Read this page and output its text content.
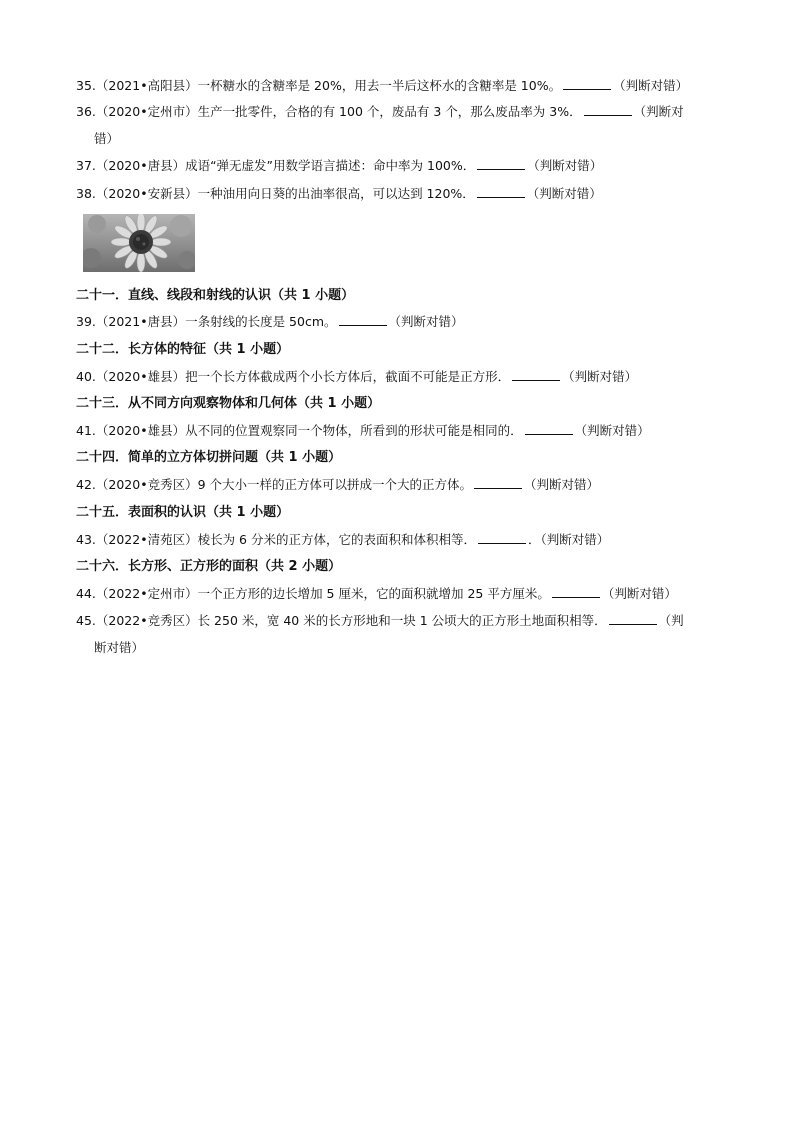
35.（2021•高阳县）一杯糖水的含糖率是 20%，用去一半后这杯水的含糖率是 10%。	（判断对错）
36.（2020•定州市）生产一批零件，合格的有 100 个，废品有 3 个，那么废品率为 3%．	（判断对
错）
37.（2020•唐县）成语“弹无虚发”用数学语言描述：命中率为 100%．	（判断对错）
38.（2020•安新县）一种油用向日葵的出油率很高，可以达到 120%．	（判断对错）
二十一．直线、线段和射线的认识（共 1 小题）
39.（2021•唐县）一条射线的长度是 50cm。	（判断对错）
二十二．长方体的特征（共 1 小题）
40.（2020•雄县）把一个长方体截成两个小长方体后，截面不可能是正方形．	（判断对错）
二十三．从不同方向观察物体和几何体（共 1 小题）
41.（2020•雄县）从不同的位置观察同一个物体，所看到的形状可能是相同的．	（判断对错）
二十四．简单的立方体切拼问题（共 1 小题）
42.（2020•竞秀区）9 个大小一样的正方体可以拼成一个大的正方体。	（判断对错）
二十五．表面积的认识（共 1 小题）
43.（2022•清苑区）棱长为 6 分米的正方体，它的表面积和体积相等．	．（判断对错）
二十六．长方形、正方形的面积（共 2 小题）
44.（2022•定州市）一个正方形的边长增加 5 厘米，它的面积就增加 25 平方厘米。	（判断对错）
45.（2022•竞秀区）长 250 米，宽 40 米的长方形地和一块 1 公顷大的正方形土地面积相等．	（判
断对错）
